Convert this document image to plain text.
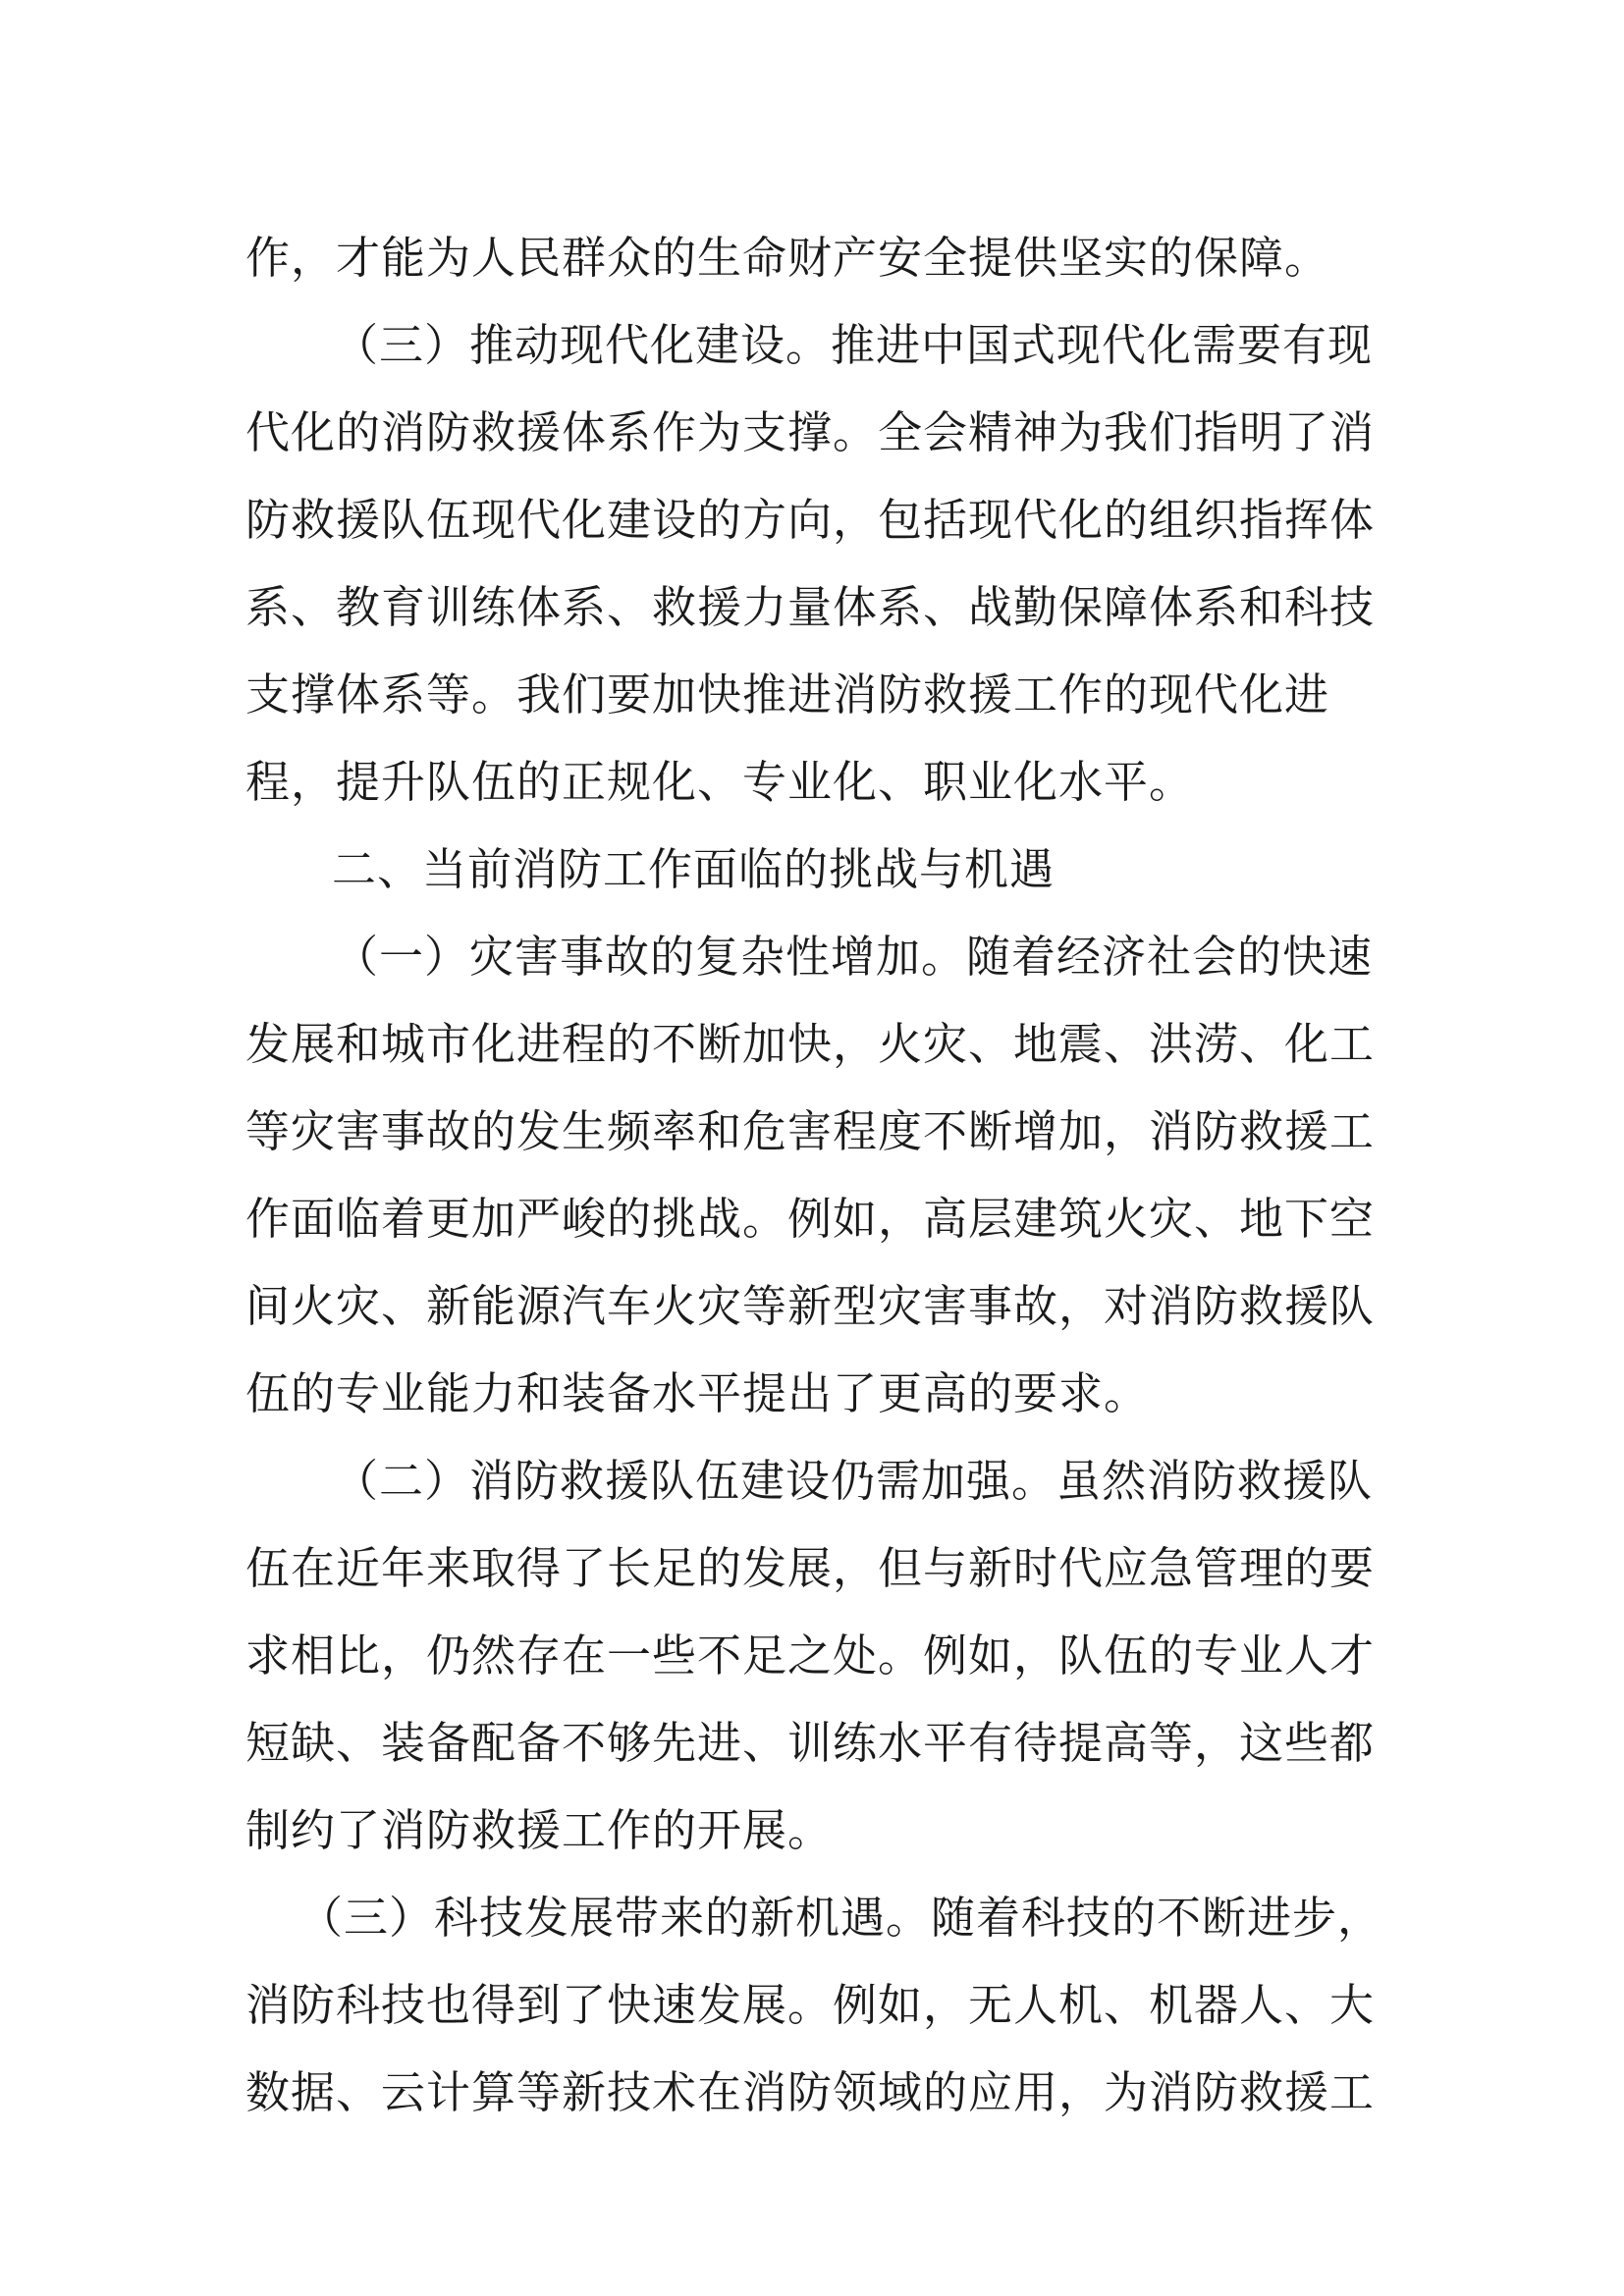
作，才能为人民群众的生命财产安全提供坚实的保障。
（三）推动现代化建设。推进中国式现代化需要有现
代化的消防救援体系作为支撑。全会精神为我们指明了消
防救援队伍现代化建设的方向，包括现代化的组织指挥体
系、教育训练体系、救援力量体系、战勤保障体系和科技
支撑体系等。我们要加快推进消防救援工作的现代化进
程，提升队伍的正规化、专业化、职业化水平。
二、当前消防工作面临的挑战与机遇
（一）灾害事故的复杂性增加。随着经济社会的快速
发展和城市化进程的不断加快，火灾、地震、洪涝、化工
等灾害事故的发生频率和危害程度不断增加，消防救援工
作面临着更加严峻的挑战。例如，高层建筑火灾、地下空
间火灾、新能源汽车火灾等新型灾害事故，对消防救援队
伍的专业能力和装备水平提出了更高的要求。
（二）消防救援队伍建设仍需加强。虽然消防救援队
伍在近年来取得了长足的发展，但与新时代应急管理的要
求相比，仍然存在一些不足之处。例如，队伍的专业人才
短缺、装备配备不够先进、训练水平有待提高等，这些都
制约了消防救援工作的开展。
（三）科技发展带来的新机遇。随着科技的不断进步，
消防科技也得到了快速发展。例如，无人机、机器人、大
数据、云计算等新技术在消防领域的应用，为消防救援工
